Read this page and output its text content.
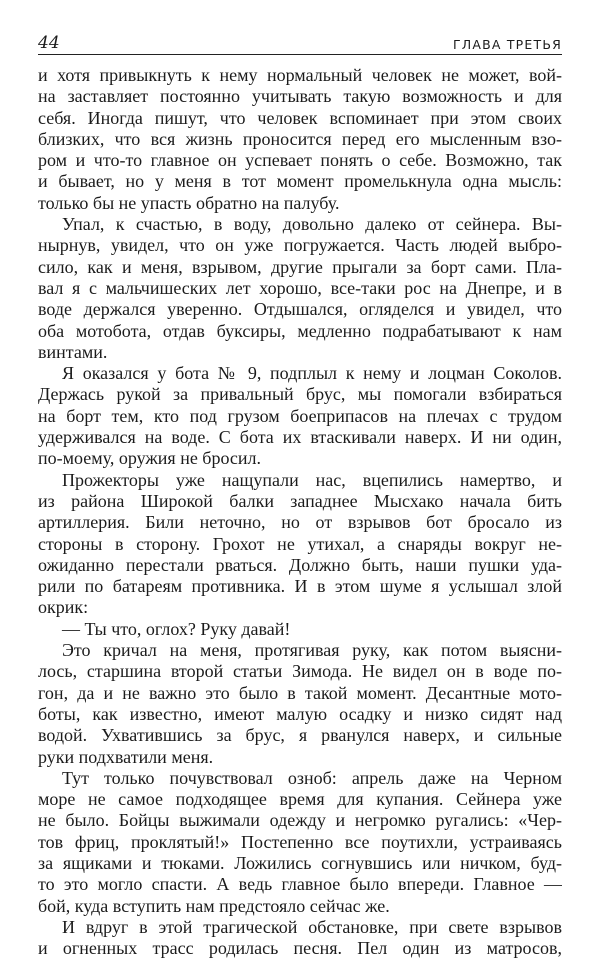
44	ГЛАВА ТРЕТЬЯ
и хотя привыкнуть к нему нормальный человек не может, вой-
на заставляет постоянно учитывать такую возможность и для
себя. Иногда пишут, что человек вспоминает при этом своих
близких, что вся жизнь проносится перед его мысленным взо-
ром и что-то главное он успевает понять о себе. Возможно, так
и бывает, но у меня в тот момент промелькнула одна мысль:
только бы не упасть обратно на палубу.
Упал, к счастью, в воду, довольно далеко от сейнера. Вы-
нырнув, увидел, что он уже погружается. Часть людей выбро-
сило, как и меня, взрывом, другие прыгали за борт сами. Пла-
вал я с мальчишеских лет хорошо, все-таки рос на Днепре, и в
воде держался уверенно. Отдышался, огляделся и увидел, что
оба мотобота, отдав буксиры, медленно подрабатывают к нам
винтами.
Я оказался у бота № 9, подплыл к нему и лоцман Соколов.
Держась рукой за привальный брус, мы помогали взбираться
на борт тем, кто под грузом боеприпасов на плечах с трудом
удерживался на воде. С бота их втаскивали наверх. И ни один,
по-моему, оружия не бросил.
Прожекторы уже нащупали нас, вцепились намертво, и
из района Широкой балки западнее Мысхако начала бить
артиллерия. Били неточно, но от взрывов бот бросало из
стороны в сторону. Грохот не утихал, а снаряды вокруг не-
ожиданно перестали рваться. Должно быть, наши пушки уда-
рили по батареям противника. И в этом шуме я услышал злой
окрик:
— Ты что, оглох? Руку давай!
Это кричал на меня, протягивая руку, как потом выясни-
лось, старшина второй статьи Зимода. Не видел он в воде по-
гон, да и не важно это было в такой момент. Десантные мото-
боты, как известно, имеют малую осадку и низко сидят над
водой. Ухватившись за брус, я рванулся наверх, и сильные
руки подхватили меня.
Тут только почувствовал озноб: апрель даже на Черном
море не самое подходящее время для купания. Сейнера уже
не было. Бойцы выжимали одежду и негромко ругались: «Чер-
тов фриц, проклятый!» Постепенно все поутихли, устраиваясь
за ящиками и тюками. Ложились согнувшись или ничком, буд-
то это могло спасти. А ведь главное было впереди. Главное —
бой, куда вступить нам предстояло сейчас же.
И вдруг в этой трагической обстановке, при свете взрывов
и огненных трасс родилась песня. Пел один из матросов,
